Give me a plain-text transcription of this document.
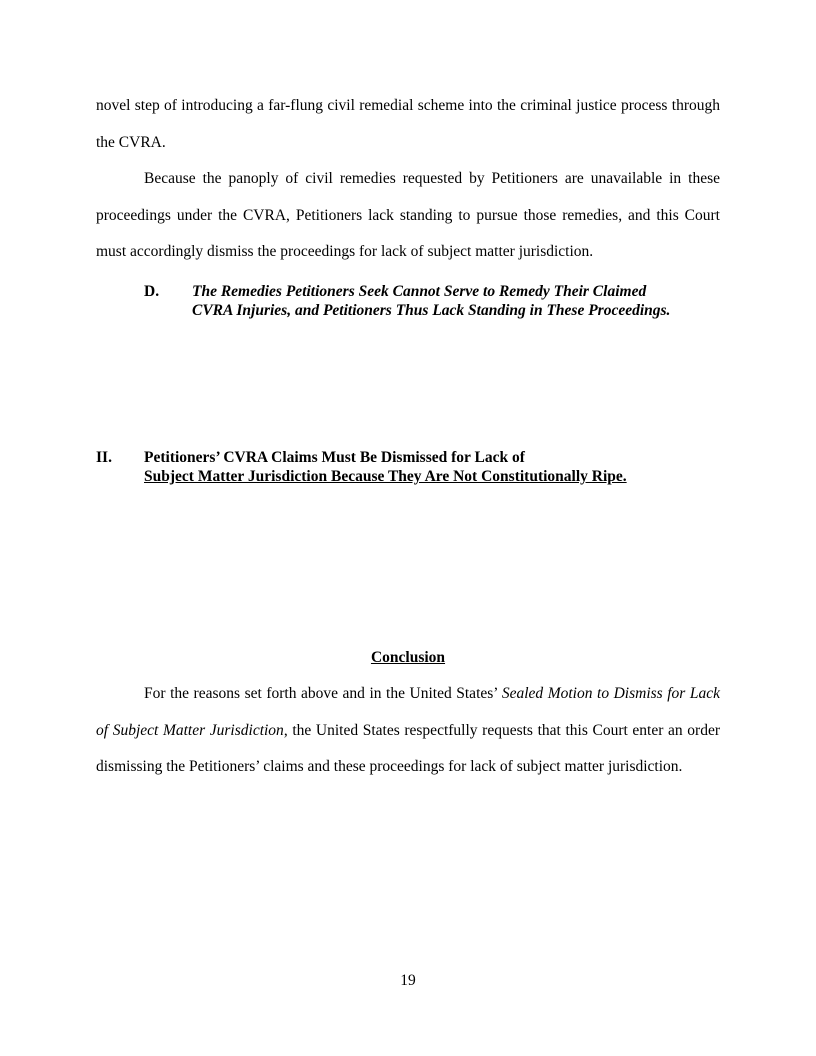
novel step of introducing a far-flung civil remedial scheme into the criminal justice process through the CVRA.

Because the panoply of civil remedies requested by Petitioners are unavailable in these proceedings under the CVRA, Petitioners lack standing to pursue those remedies, and this Court must accordingly dismiss the proceedings for lack of subject matter jurisdiction.

D. The Remedies Petitioners Seek Cannot Serve to Remedy Their Claimed
CVRA Injuries, and Petitioners Thus Lack Standing in These Proceedings.
II. Petitioners’ CVRA Claims Must Be Dismissed for Lack of
Subject Matter Jurisdiction Because They Are Not Constitutionally Ripe.
Conclusion

For the reasons set forth above and in the United States’ Sealed Motion to Dismiss for Lack of Subject Matter Jurisdiction, the United States respectfully requests that this Court enter an order dismissing the Petitioners’ claims and these proceedings for lack of subject matter jurisdiction.

19
